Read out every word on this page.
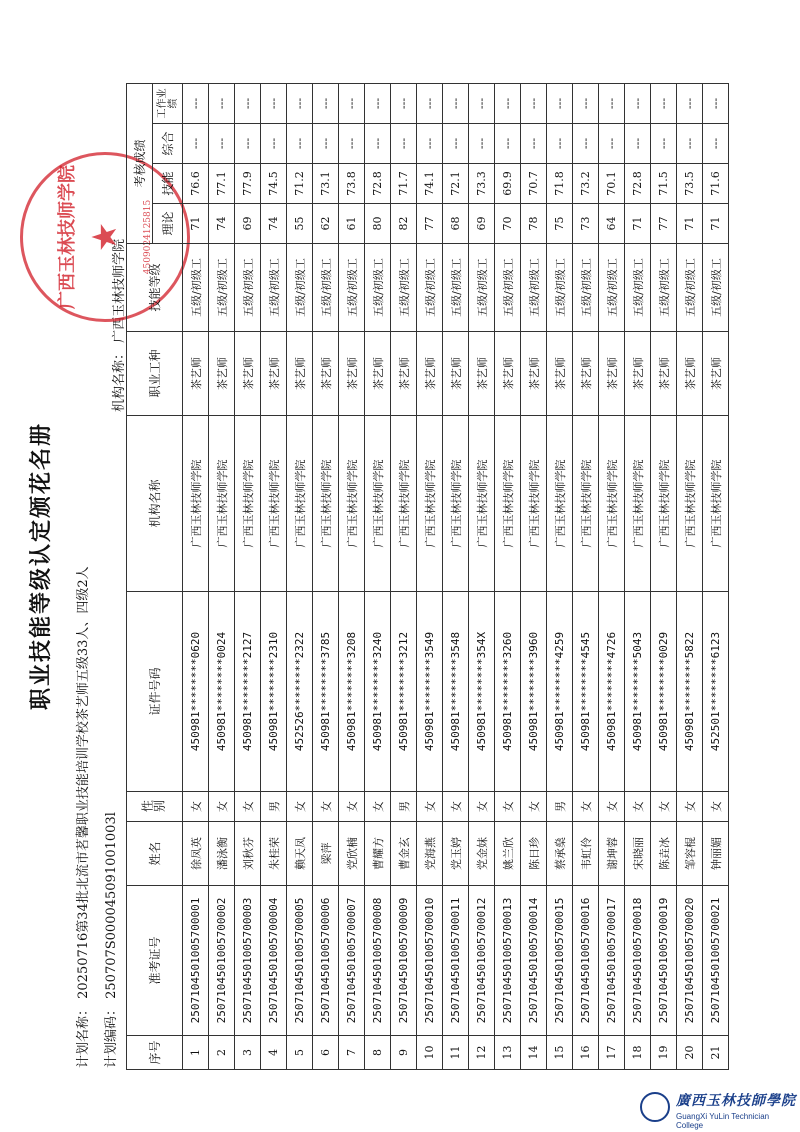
职业技能等级认定颁花名册
计划名称： 20250716第34批北流市茗馨职业技能培训学校茶艺师五级33人、四级2人	计划编码： 250707S000045091001003l
机构名称： 广西玉林技师学院
广西玉林技师学院 ★ 4509024125815
序号	准考证号	姓名	性别	证件号码	机构名称	职业工种	技能等级	考核成绩			
								理论	技能	综合	工作业绩
1	2507104501005700001	徐凤英	女	450981********0620	广西玉林技师学院	茶艺师	五级/初级工	71	76.6	---	---
2	2507104501005700002	潘泳衡	女	450981********0024	广西玉林技师学院	茶艺师	五级/初级工	74	77.1	---	---
3	2507104501005700003	刘秋芬	女	450981********2127	广西玉林技师学院	茶艺师	五级/初级工	69	77.9	---	---
4	2507104501005700004	朱桂荣	男	450981********2310	广西玉林技师学院	茶艺师	五级/初级工	74	74.5	---	---
5	2507104501005700005	赖天凤	女	452526********2322	广西玉林技师学院	茶艺师	五级/初级工	55	71.2	---	---
6	2507104501005700006	梁萍	女	450981********3785	广西玉林技师学院	茶艺师	五级/初级工	62	73.1	---	---
7	2507104501005700007	党欣楠	女	450981********3208	广西玉林技师学院	茶艺师	五级/初级工	61	73.8	---	---
8	2507104501005700008	曹耀方	女	450981********3240	广西玉林技师学院	茶艺师	五级/初级工	80	72.8	---	---
9	2507104501005700009	曹金玄	男	450981********3212	广西玉林技师学院	茶艺师	五级/初级工	82	71.7	---	---
10	2507104501005700010	党海燕	女	450981********3549	广西玉林技师学院	茶艺师	五级/初级工	77	74.1	---	---
11	2507104501005700011	党玉婷	女	450981********3548	广西玉林技师学院	茶艺师	五级/初级工	68	72.1	---	---
12	2507104501005700012	党金妹	女	450981********354X	广西玉林技师学院	茶艺师	五级/初级工	69	73.3	---	---
13	2507104501005700013	姚兰欣	女	450981********3260	广西玉林技师学院	茶艺师	五级/初级工	70	69.9	---	---
14	2507104501005700014	陈日珍	女	450981********3960	广西玉林技师学院	茶艺师	五级/初级工	78	70.7	---	---
15	2507104501005700015	蔡承燊	男	450981********4259	广西玉林技师学院	茶艺师	五级/初级工	75	71.8	---	---
16	2507104501005700016	韦虹伶	女	450981********4545	广西玉林技师学院	茶艺师	五级/初级工	73	73.2	---	---
17	2507104501005700017	谢坤蓉	女	450981********4726	广西玉林技师学院	茶艺师	五级/初级工	64	70.1	---	---
18	2507104501005700018	宋晓丽	女	450981********5043	广西玉林技师学院	茶艺师	五级/初级工	71	72.8	---	---
19	2507104501005700019	陈垚冰	女	450981********0029	广西玉林技师学院	茶艺师	五级/初级工	77	71.5	---	---
20	2507104501005700020	邹容棍	女	450981********5822	广西玉林技师学院	茶艺师	五级/初级工	71	73.5	---	---
21	2507104501005700021	钟丽媚	女	452501********6123	广西玉林技师学院	茶艺师	五级/初级工	71	71.6	---	---
廣西玉林技師學院
GuangXi YuLin Technician College
